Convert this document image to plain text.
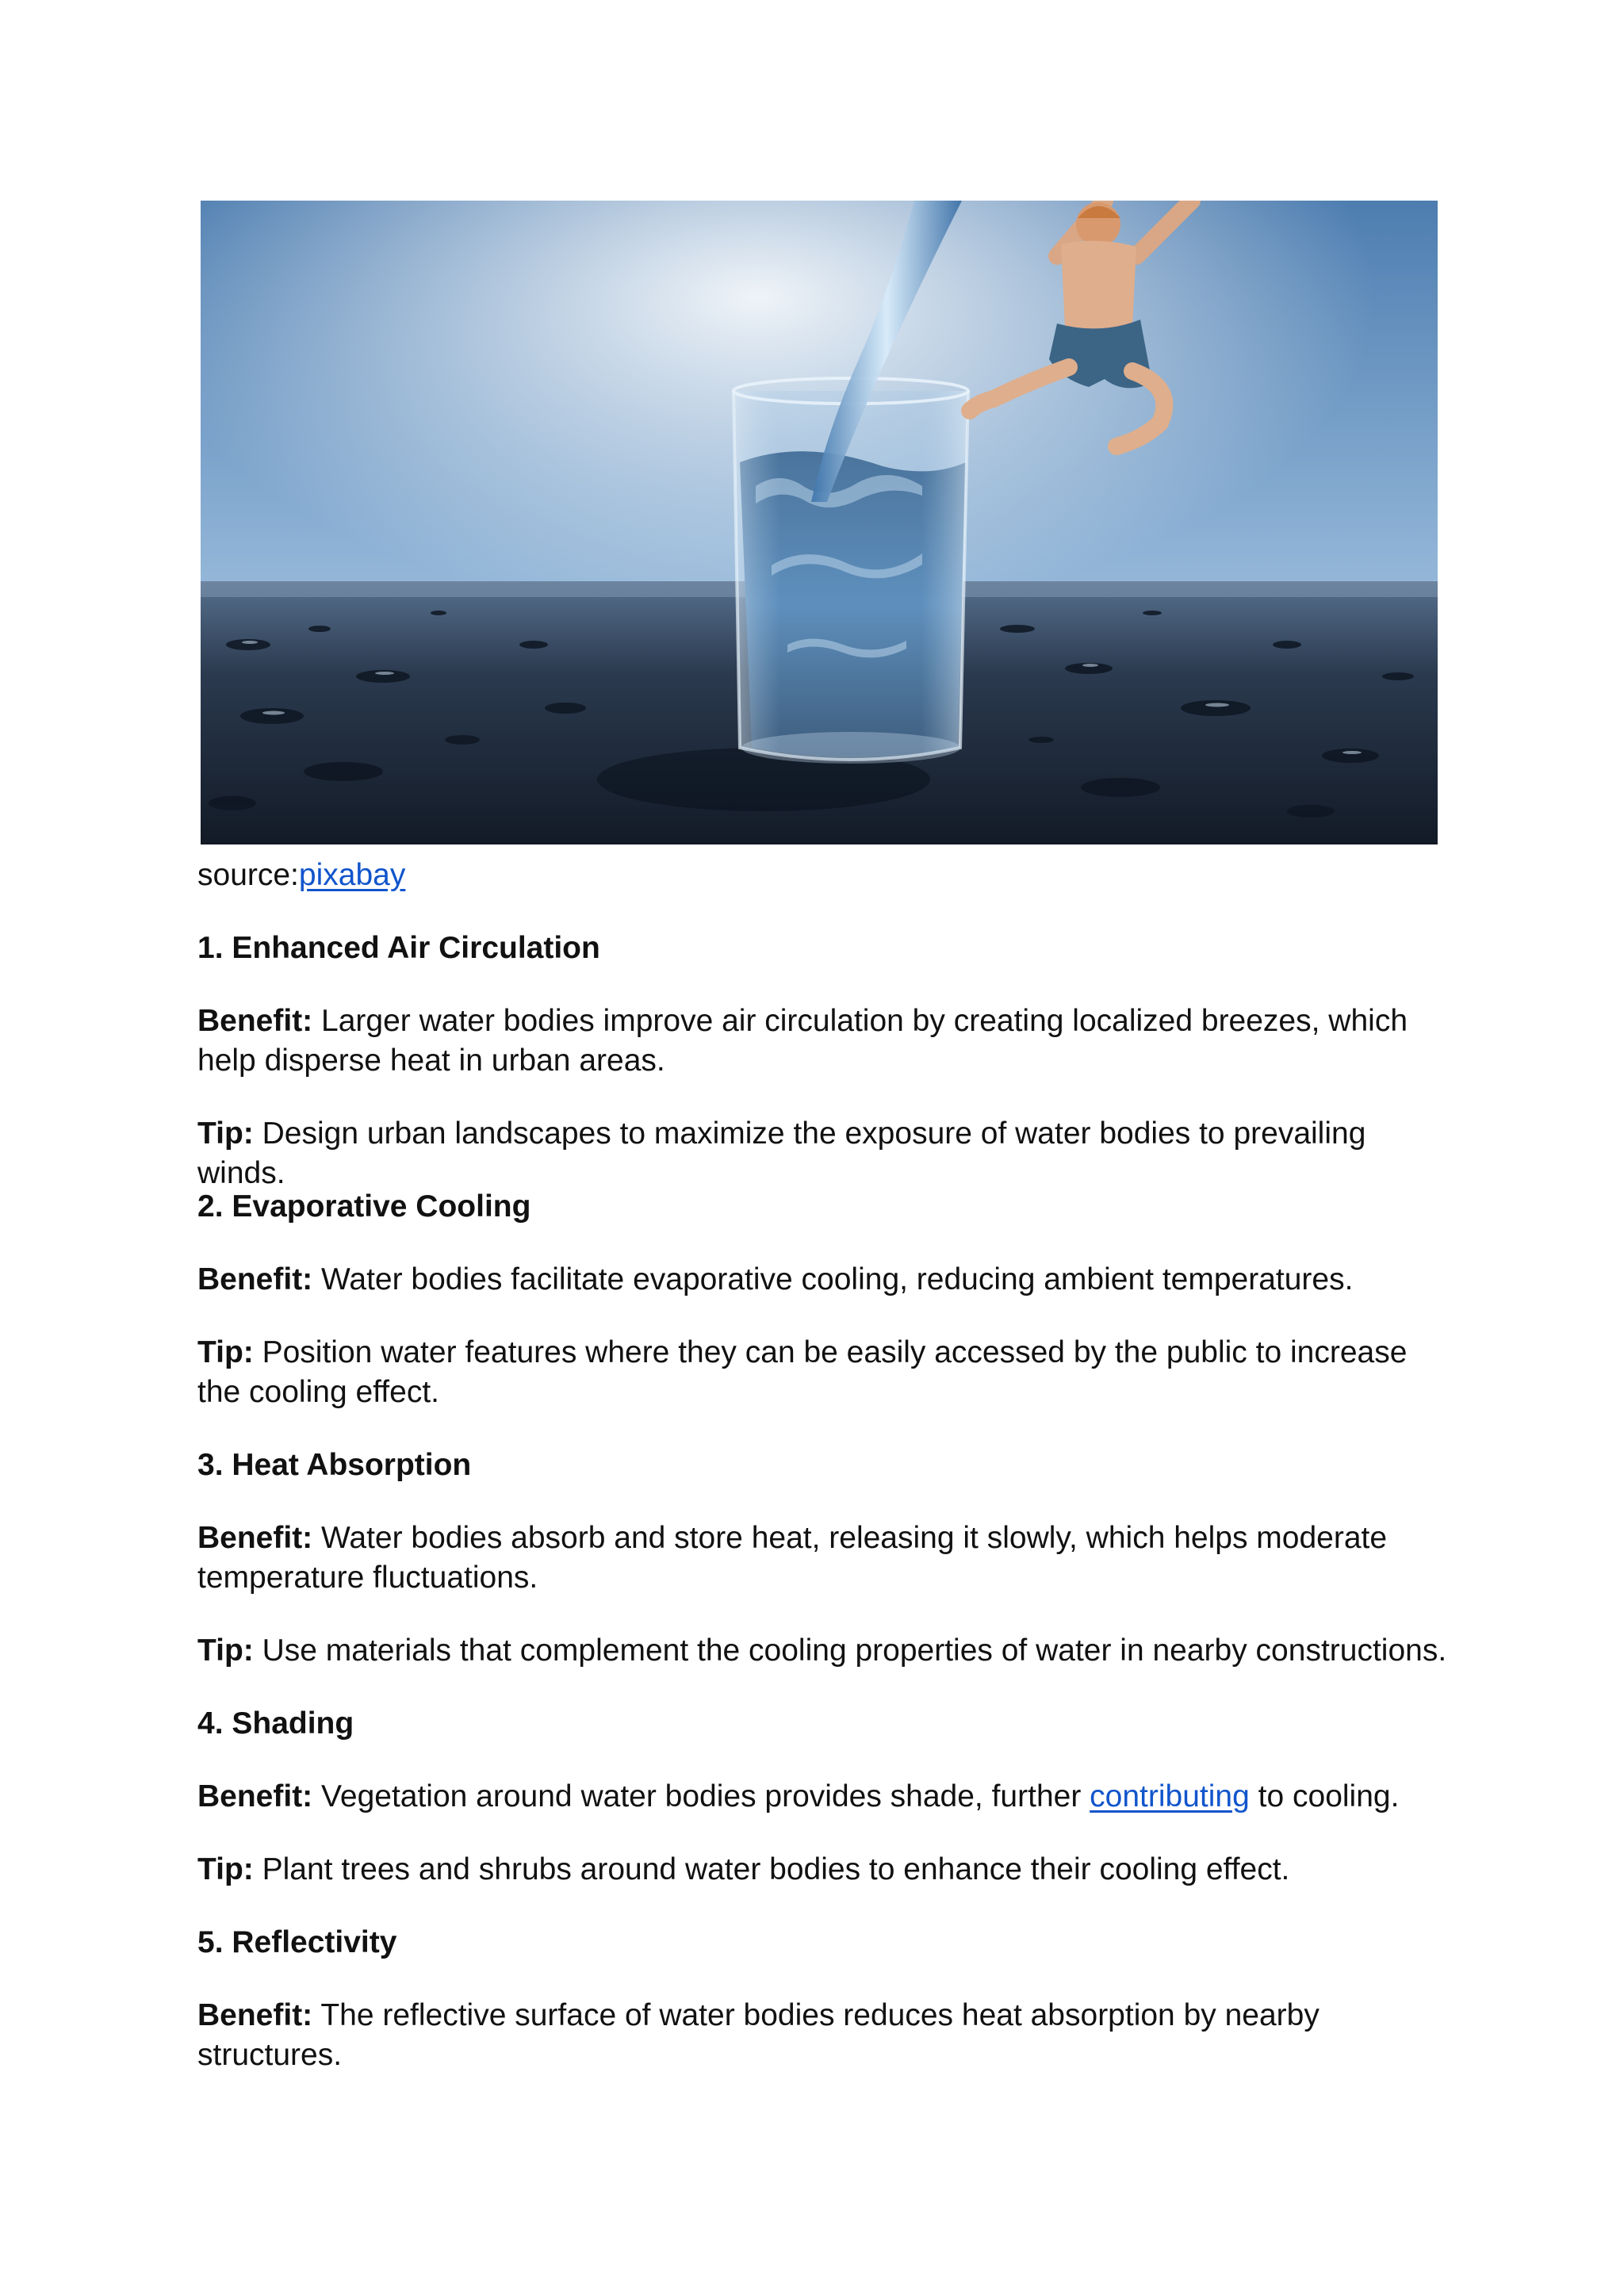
source:pixabay
1. Enhanced Air Circulation

Benefit: Larger water bodies improve air circulation by creating localized breezes, which help disperse heat in urban areas.

Tip: Design urban landscapes to maximize the exposure of water bodies to prevailing winds.

2. Evaporative Cooling

Benefit: Water bodies facilitate evaporative cooling, reducing ambient temperatures.

Tip: Position water features where they can be easily accessed by the public to increase the cooling effect.

3. Heat Absorption

Benefit: Water bodies absorb and store heat, releasing it slowly, which helps moderate temperature fluctuations.

Tip: Use materials that complement the cooling properties of water in nearby constructions.

4. Shading

Benefit: Vegetation around water bodies provides shade, further contributing to cooling.

Tip: Plant trees and shrubs around water bodies to enhance their cooling effect.

5. Reflectivity

Benefit: The reflective surface of water bodies reduces heat absorption by nearby structures.
